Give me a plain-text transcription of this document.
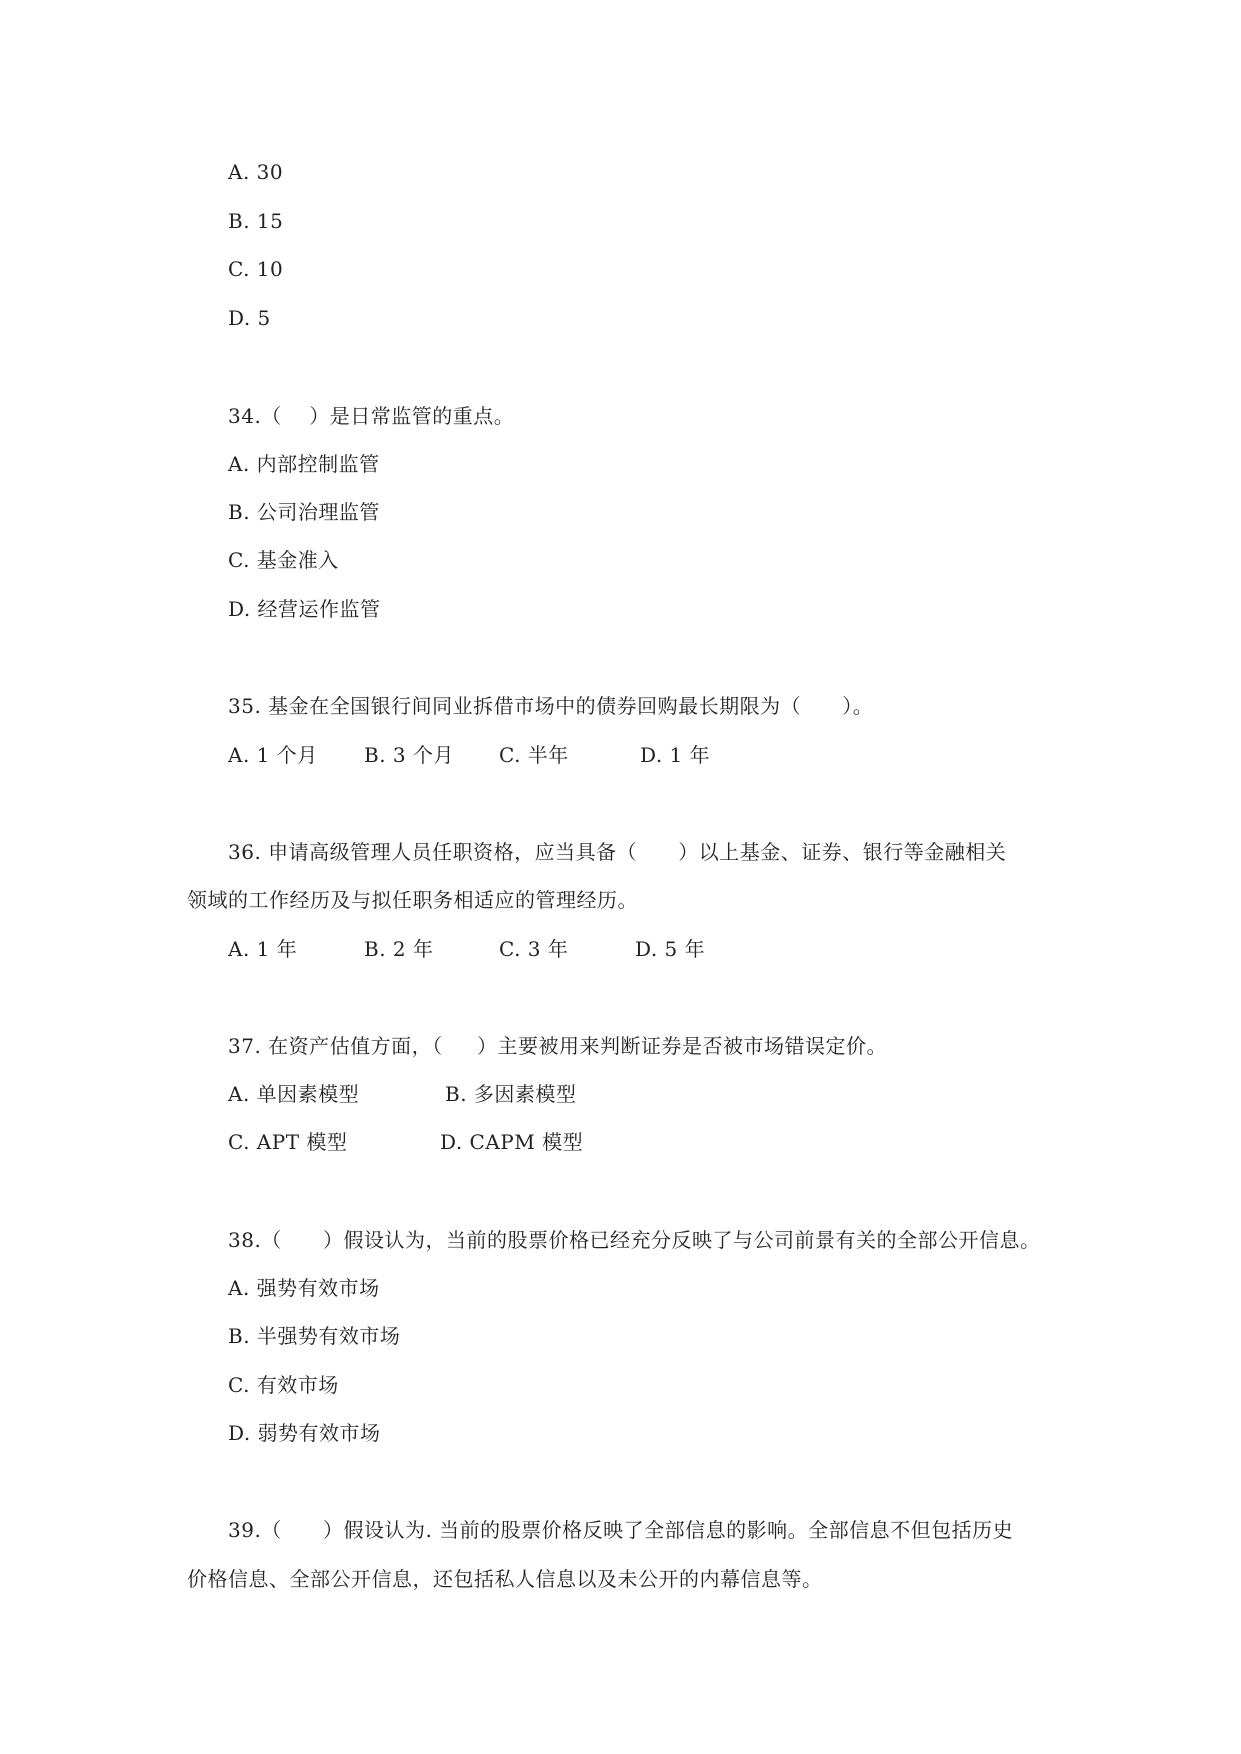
A. 30
B. 15
C. 10
D. 5
34.（    ）是日常监管的重点。
A. 内部控制监管
B. 公司治理监管
C. 基金准入
D. 经营运作监管
35. 基金在全国银行间同业拆借市场中的债券回购最长期限为（      ）。

A. 1 个月

B. 3 个月

C. 半年

	D. 1 年

36. 申请高级管理人员任职资格，应当具备（      ）以上基金、证券、银行等金融相关
领域的工作经历及与拟任职务相适应的管理经历。

A. 1 年

	B. 2 年

	C. 3 年

	D. 5 年

37. 在资产估值方面，（     ）主要被用来判断证券是否被市场错误定价。

A. 单因素模型

	B. 多因素模型

C. APT 模型

	D. CAPM 模型

38.（      ）假设认为，当前的股票价格已经充分反映了与公司前景有关的全部公开信息。
A. 强势有效市场
B. 半强势有效市场
C. 有效市场
D. 弱势有效市场
39.（      ）假设认为. 当前的股票价格反映了全部信息的影响。全部信息不但包括历史
价格信息、全部公开信息，还包括私人信息以及未公开的内幕信息等。
